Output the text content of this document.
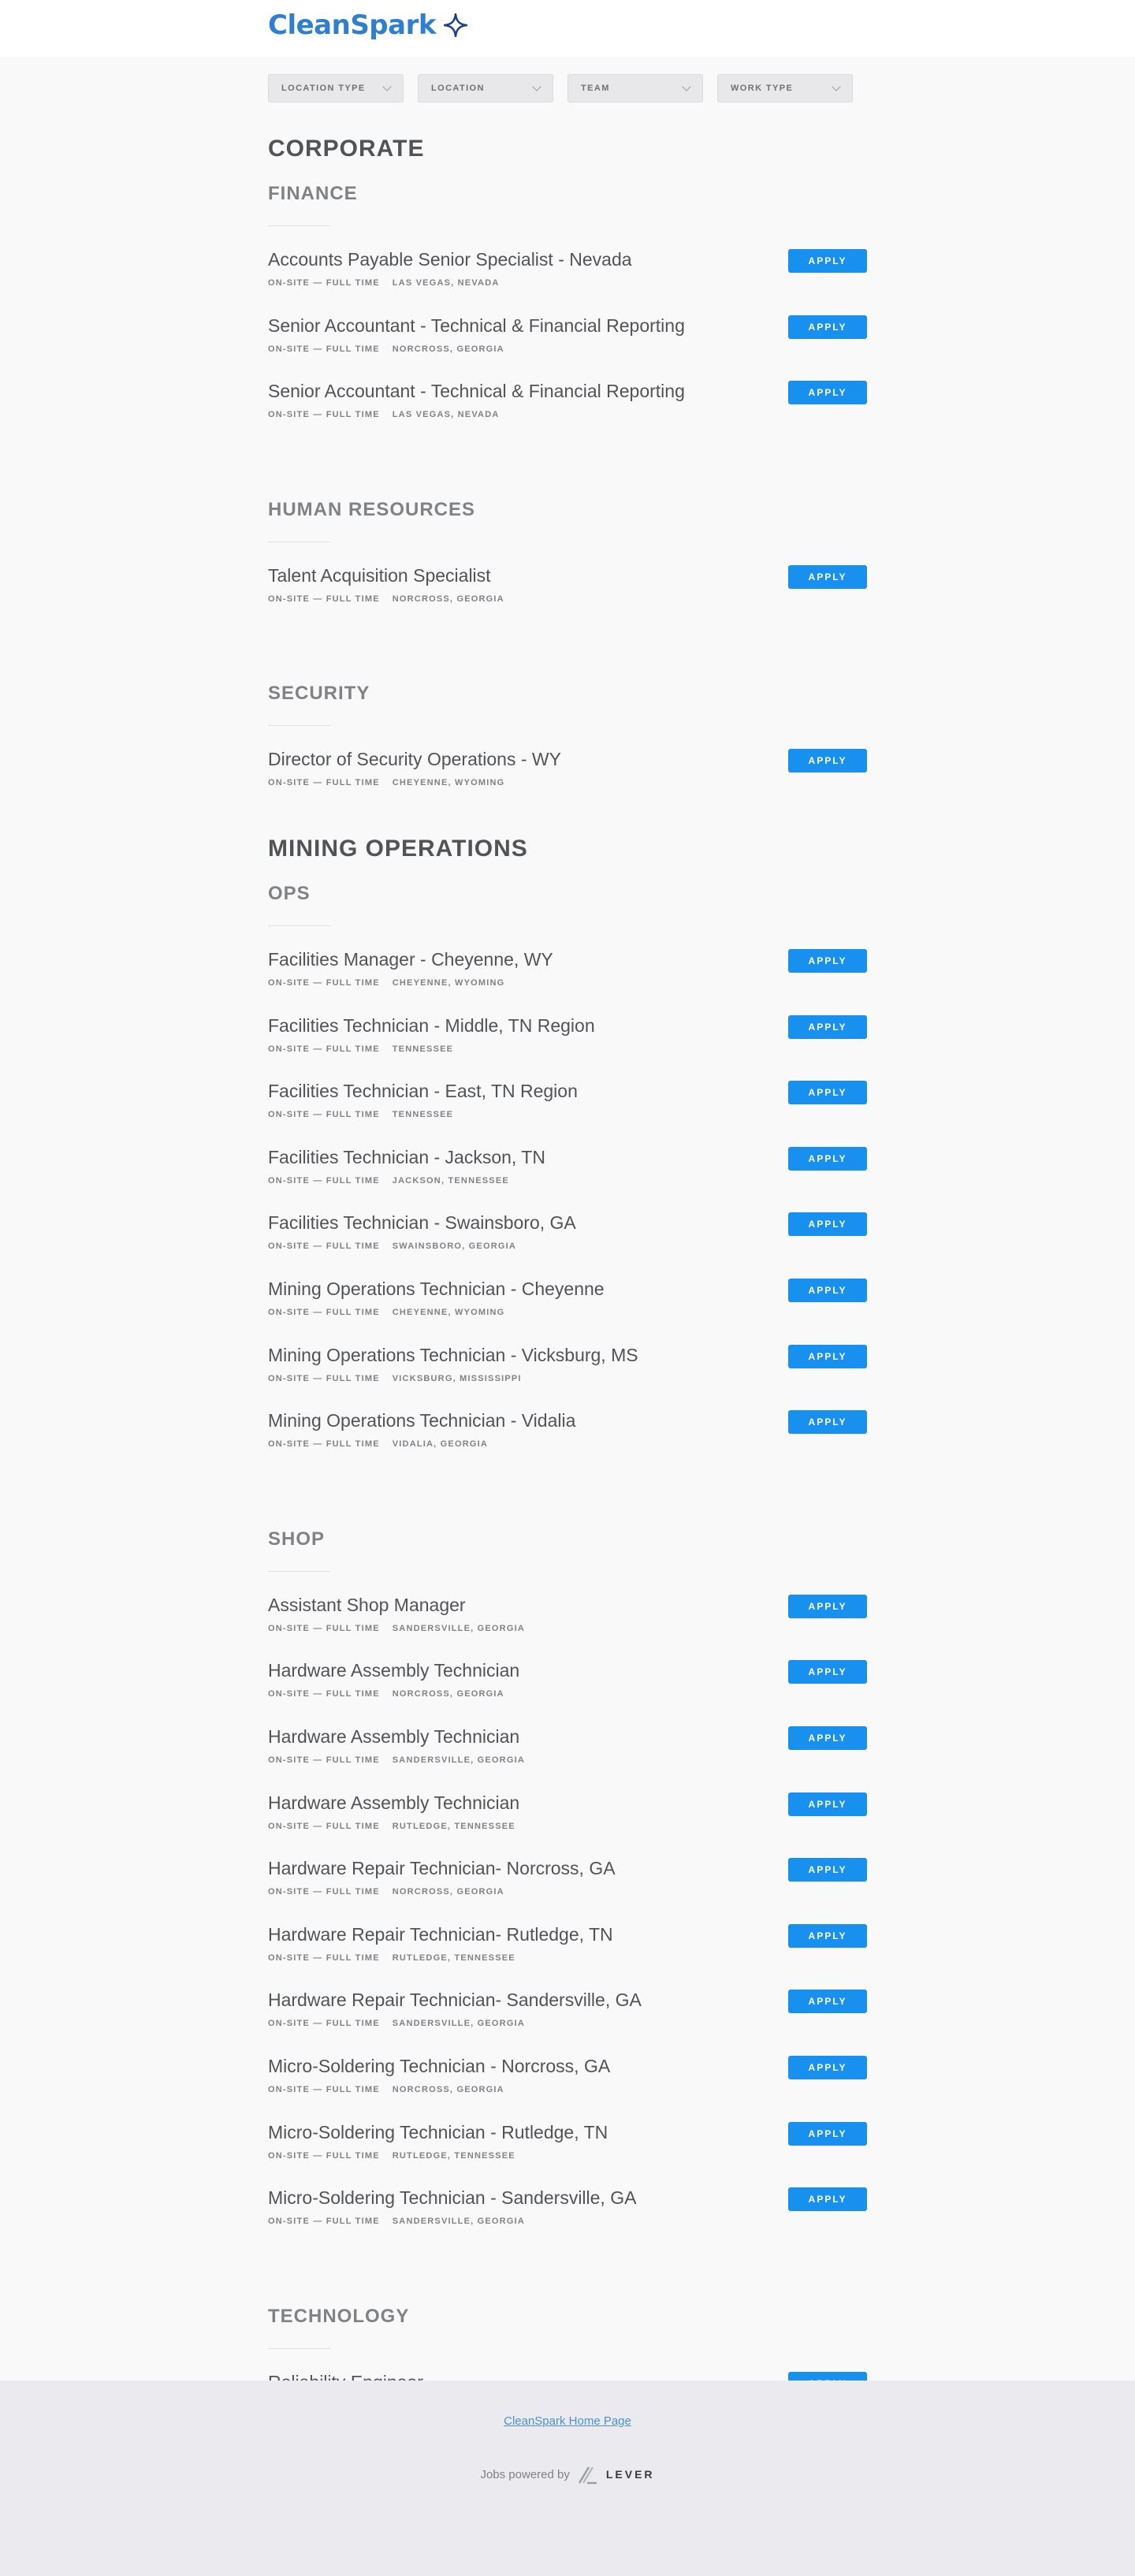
CleanSpark
LOCATION TYPE	LOCATION	TEAM	WORK TYPE
CORPORATE
FINANCE
Accounts Payable Senior Specialist - Nevada
ON-SITE — FULL TIME LAS VEGAS, NEVADA
APPLY
Senior Accountant - Technical & Financial Reporting
ON-SITE — FULL TIME NORCROSS, GEORGIA
APPLY
Senior Accountant - Technical & Financial Reporting
ON-SITE — FULL TIME LAS VEGAS, NEVADA
APPLY
HUMAN RESOURCES
Talent Acquisition Specialist
ON-SITE — FULL TIME NORCROSS, GEORGIA
APPLY
SECURITY
Director of Security Operations - WY
ON-SITE — FULL TIME CHEYENNE, WYOMING
APPLY
MINING OPERATIONS
OPS
Facilities Manager - Cheyenne, WY
ON-SITE — FULL TIME CHEYENNE, WYOMING
APPLY
Facilities Technician - Middle, TN Region
ON-SITE — FULL TIME TENNESSEE
APPLY
Facilities Technician - East, TN Region
ON-SITE — FULL TIME TENNESSEE
APPLY
Facilities Technician - Jackson, TN
ON-SITE — FULL TIME JACKSON, TENNESSEE
APPLY
Facilities Technician - Swainsboro, GA
ON-SITE — FULL TIME SWAINSBORO, GEORGIA
APPLY
Mining Operations Technician - Cheyenne
ON-SITE — FULL TIME CHEYENNE, WYOMING
APPLY
Mining Operations Technician - Vicksburg, MS
ON-SITE — FULL TIME VICKSBURG, MISSISSIPPI
APPLY
Mining Operations Technician - Vidalia
ON-SITE — FULL TIME VIDALIA, GEORGIA
APPLY
SHOP
Assistant Shop Manager
ON-SITE — FULL TIME SANDERSVILLE, GEORGIA
APPLY
Hardware Assembly Technician
ON-SITE — FULL TIME NORCROSS, GEORGIA
APPLY
Hardware Assembly Technician
ON-SITE — FULL TIME SANDERSVILLE, GEORGIA
APPLY
Hardware Assembly Technician
ON-SITE — FULL TIME RUTLEDGE, TENNESSEE
APPLY
Hardware Repair Technician- Norcross, GA
ON-SITE — FULL TIME NORCROSS, GEORGIA
APPLY
Hardware Repair Technician- Rutledge, TN
ON-SITE — FULL TIME RUTLEDGE, TENNESSEE
APPLY
Hardware Repair Technician- Sandersville, GA
ON-SITE — FULL TIME SANDERSVILLE, GEORGIA
APPLY
Micro-Soldering Technician - Norcross, GA
ON-SITE — FULL TIME NORCROSS, GEORGIA
APPLY
Micro-Soldering Technician - Rutledge, TN
ON-SITE — FULL TIME RUTLEDGE, TENNESSEE
APPLY
Micro-Soldering Technician - Sandersville, GA
ON-SITE — FULL TIME SANDERSVILLE, GEORGIA
APPLY
TECHNOLOGY
CleanSpark Home Page
Jobs powered by	LEVER
